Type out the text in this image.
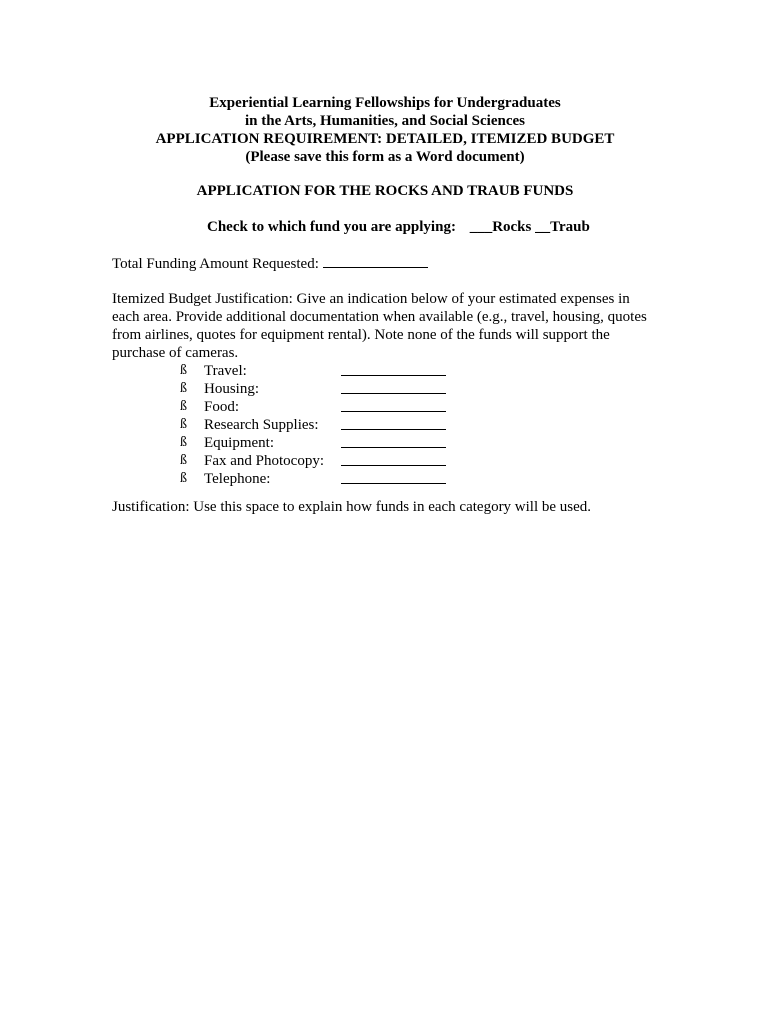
Experiential Learning Fellowships for Undergraduates
in the Arts, Humanities, and Social Sciences
APPLICATION REQUIREMENT: DETAILED, ITEMIZED BUDGET
(Please save this form as a Word document)
APPLICATION FOR THE ROCKS AND TRAUB FUNDS
Check to which fund you are applying: ___Rocks __Traub
Total Funding Amount Requested:
Itemized Budget Justification: Give an indication below of your estimated expenses in
each area. Provide additional documentation when available (e.g., travel, housing, quotes
from airlines, quotes for equipment rental). Note none of the funds will support the
purchase of cameras.
ß Travel:
ß Housing:
ß Food:
ß Research Supplies:
ß Equipment:
ß Fax and Photocopy:
ß Telephone:
Justification: Use this space to explain how funds in each category will be used.
